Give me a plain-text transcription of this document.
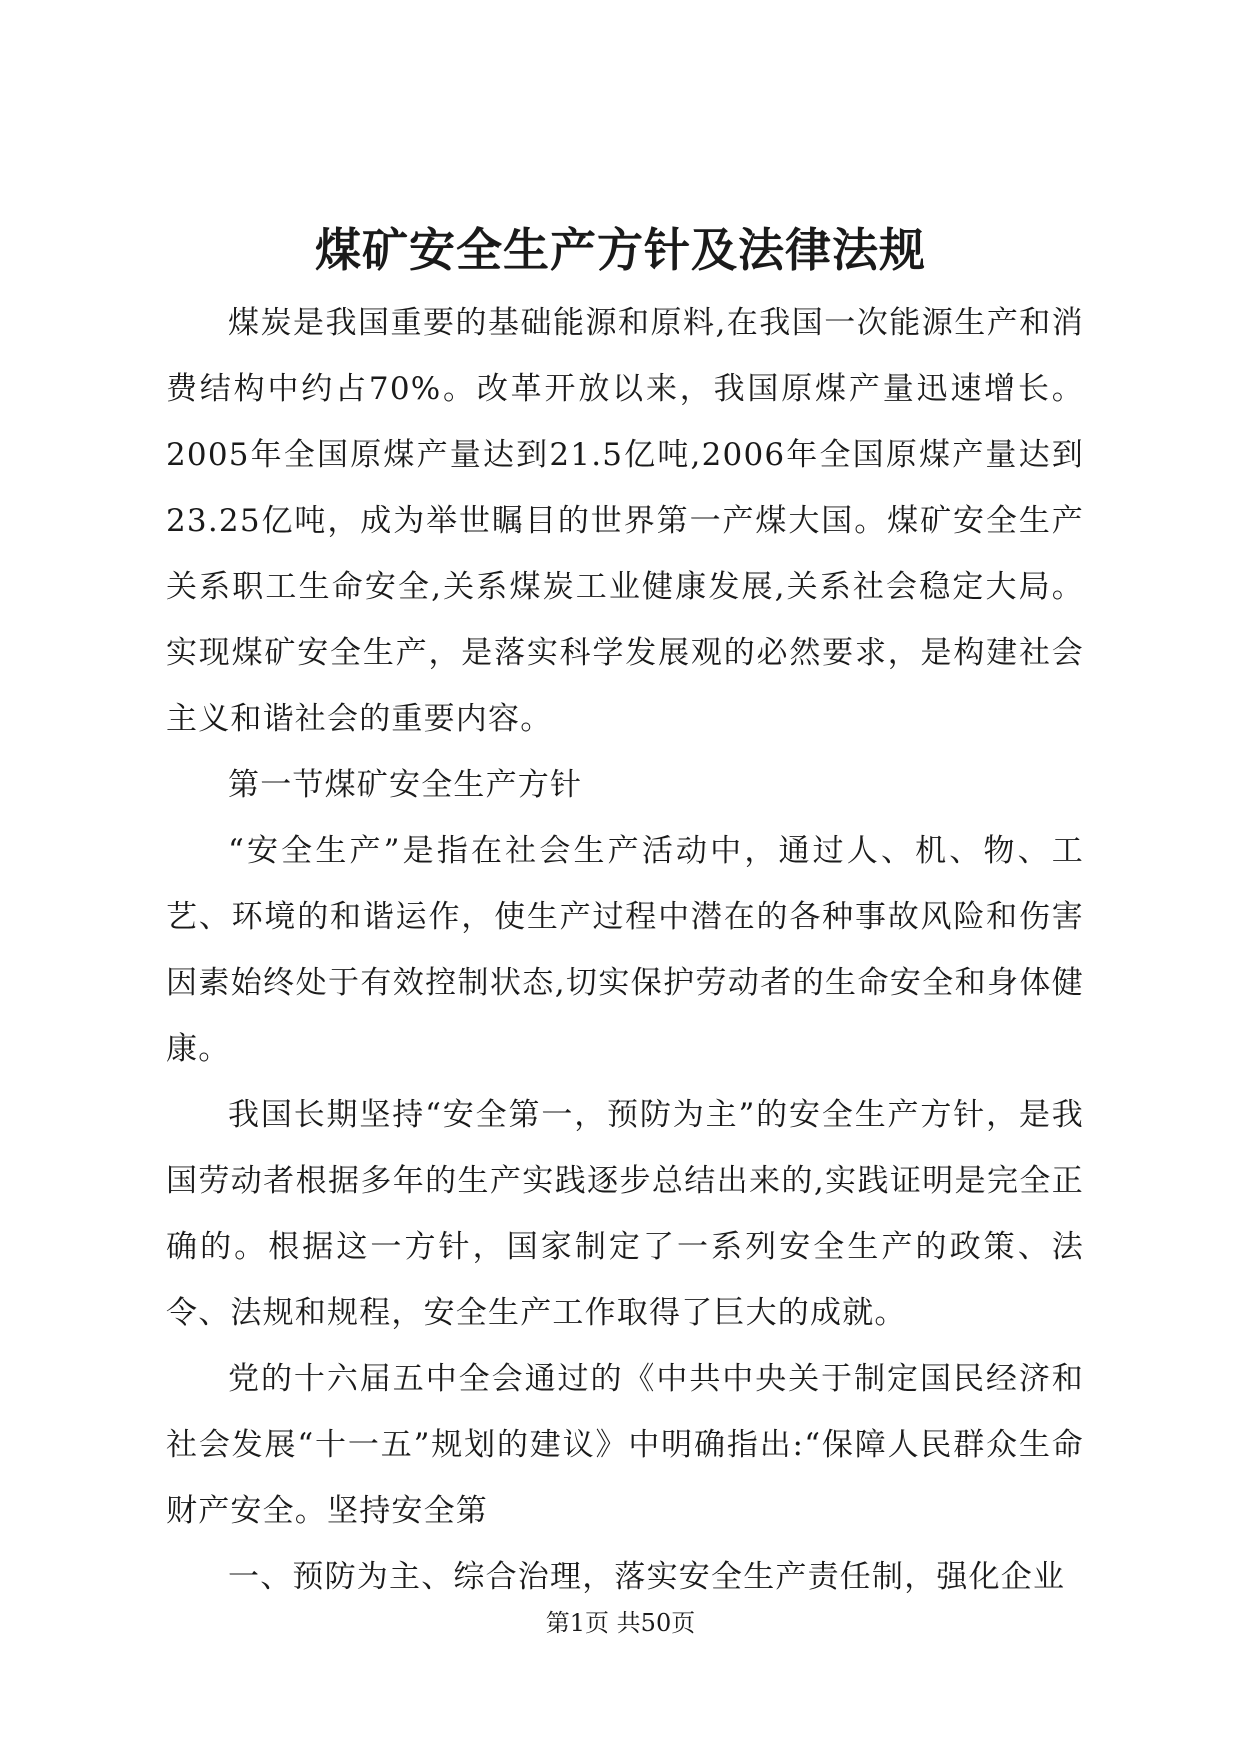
煤矿安全生产方针及法律法规

煤炭是我国重要的基础能源和原料,在我国一次能源生产和消费结构中约占70%。改革开放以来，我国原煤产量迅速增长。2005年全国原煤产量达到21.5亿吨,2006年全国原煤产量达到23.25亿吨，成为举世瞩目的世界第一产煤大国。煤矿安全生产关系职工生命安全,关系煤炭工业健康发展,关系社会稳定大局。实现煤矿安全生产，是落实科学发展观的必然要求，是构建社会主义和谐社会的重要内容。

第一节煤矿安全生产方针

“安全生产”是指在社会生产活动中，通过人、机、物、工艺、环境的和谐运作，使生产过程中潜在的各种事故风险和伤害因素始终处于有效控制状态,切实保护劳动者的生命安全和身体健康。

我国长期坚持“安全第一，预防为主”的安全生产方针，是我国劳动者根据多年的生产实践逐步总结出来的,实践证明是完全正确的。根据这一方针，国家制定了一系列安全生产的政策、法令、法规和规程，安全生产工作取得了巨大的成就。

党的十六届五中全会通过的《中共中央关于制定国民经济和社会发展“十一五”规划的建议》中明确指出:“保障人民群众生命财产安全。坚持安全第

一、预防为主、综合治理，落实安全生产责任制，强化企业

第1页 共50页
